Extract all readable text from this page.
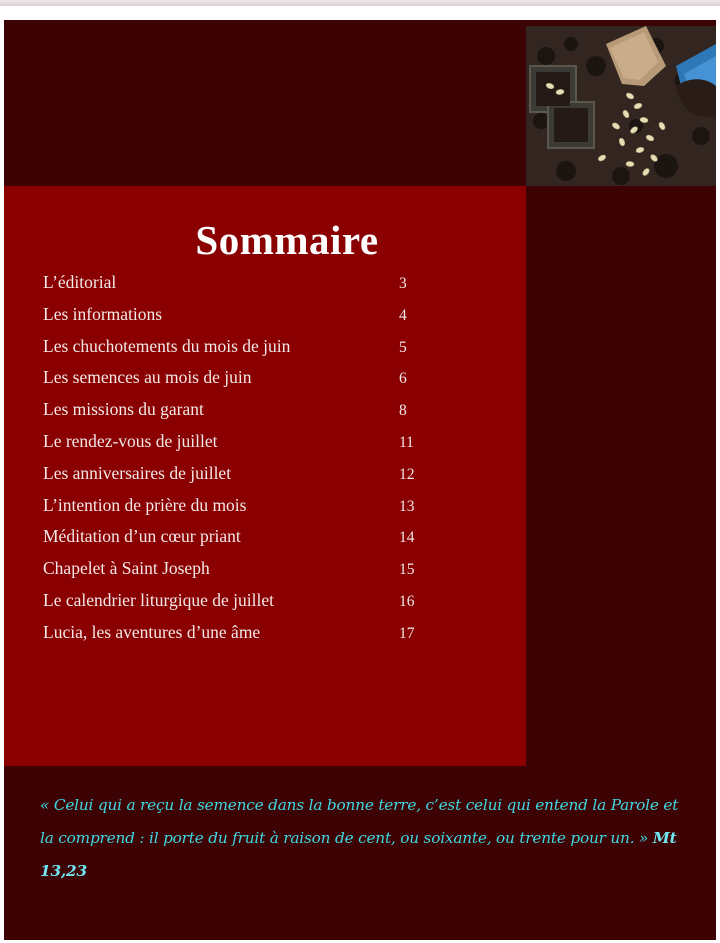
Sommaire
L’éditorial	3
Les informations	4
Les chuchotements du mois de juin	5
Les semences au mois de juin	6
Les missions du garant	8
Le rendez-vous de juillet	11
Les anniversaires de juillet	12
L’intention de prière du mois	13
Méditation d’un cœur priant	14
Chapelet à Saint Joseph	15
Le calendrier liturgique de juillet	16
Lucia, les aventures d’une âme	17
« Celui qui a reçu la semence dans la bonne terre, c’est celui qui entend la Parole et la comprend : il porte du fruit à raison de cent, ou soixante, ou trente pour un. » Mt 13,23
